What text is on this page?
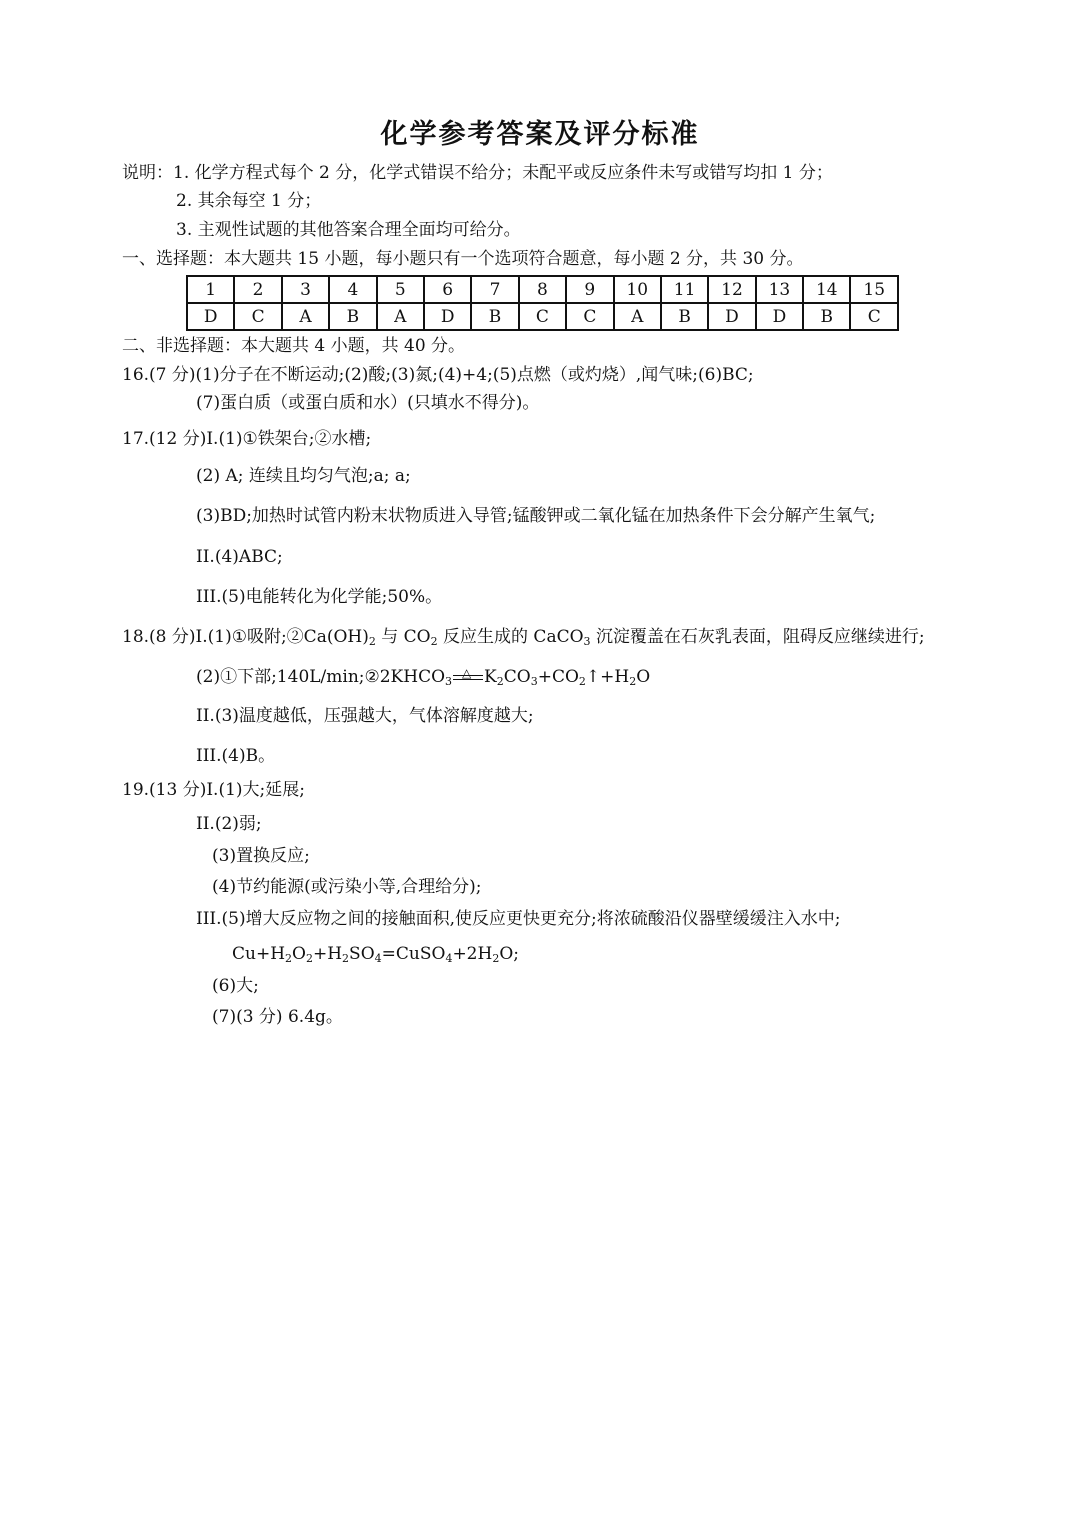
化学参考答案及评分标准
说明：1. 化学方程式每个 2 分，化学式错误不给分；未配平或反应条件未写或错写均扣 1 分；
2. 其余每空 1 分；
3. 主观性试题的其他答案合理全面均可给分。
一、选择题：本大题共 15 小题，每小题只有一个选项符合题意，每小题 2 分，共 30 分。
1	2	3	4	5	6	7	8	9	10	11	12	13	14	15
D	C	A	B	A	D	B	C	C	A	B	D	D	B	C
二、非选择题：本大题共 4 小题，共 40 分。
16.(7 分)(1)分子在不断运动;(2)酸;(3)氮;(4)+4;(5)点燃（或灼烧）,闻气味;(6)BC;
(7)蛋白质（或蛋白质和水）(只填水不得分)。
17.(12 分)I.(1)①铁架台;②水槽;
(2) A; 连续且均匀气泡;a; a;
(3)BD;加热时试管内粉末状物质进入导管;锰酸钾或二氧化锰在加热条件下会分解产生氧气;
II.(4)ABC;
III.(5)电能转化为化学能;50%。
18.(8 分)I.(1)①吸附$;②Ca(OH)_2$ 与 $CO_2$ 反应生成的 CaCO$_3$ 沉淀覆盖在石灰乳表面，阻碍反应继续进行;
(2)①下部$;140L/\min;②2KHCO_3$
△ $K_2CO_3+CO_2↑+H_2O$
II.(3)温度越低，压强越大，气体溶解度越大;
III.(4)B。
19.(13 分)I.(1)大;延展;
II.(2)弱;
(3)置换反应;
(4)节约能源(或污染小等,合理给分);
III.(5)增大反应物之间的接触面积,使反应更快更充分;将浓硫酸沿仪器壁缓缓注入水中;
$Cu+H_2O_2+H_2SO_4=CuSO_4+2H_2O$;
(6)大;
(7)(3 分) 6.4g。
